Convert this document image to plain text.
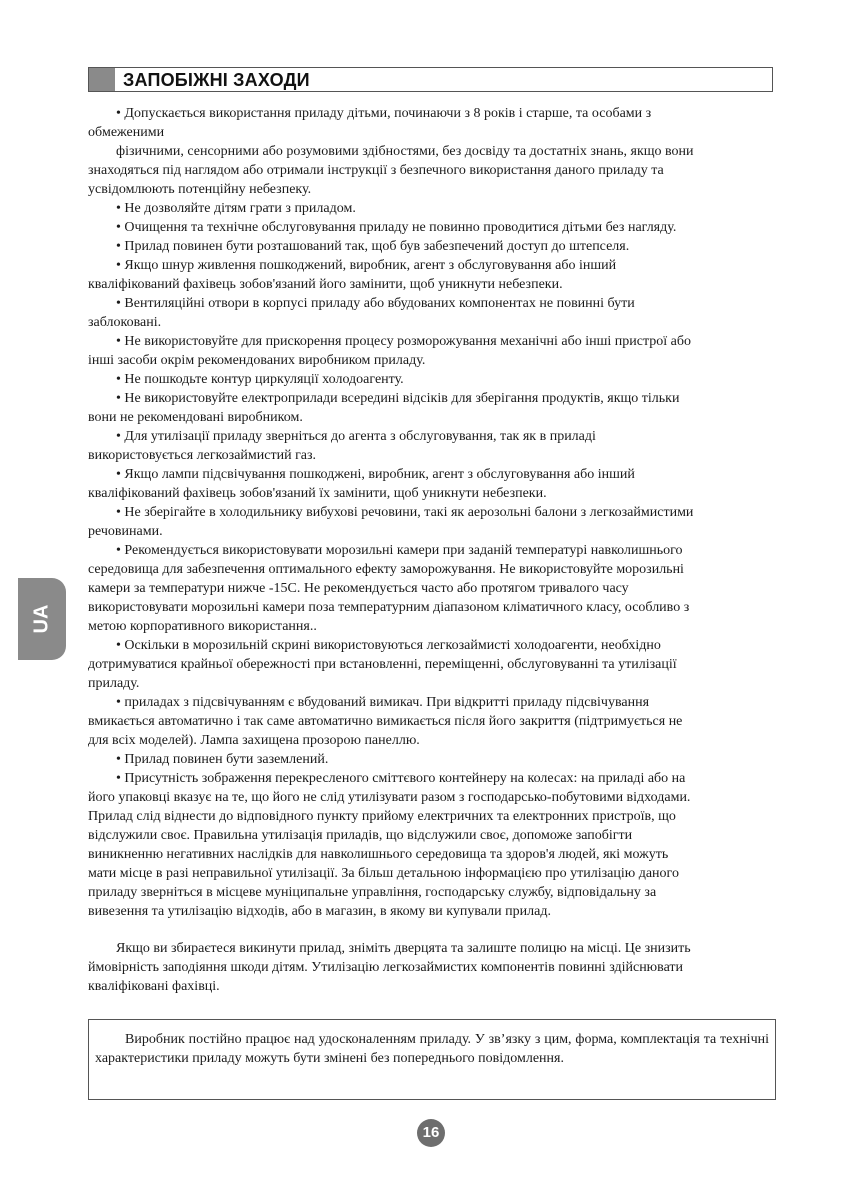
ЗАПОБІЖНІ ЗАХОДИ
UA

• Допускається використання приладу дітьми, починаючи з 8 років і старше, та особами з

обмеженими

фізичними, сенсорними або розумовими здібностями, без досвіду та достатніх знань, якщо вони

знаходяться під наглядом або отримали інструкції з безпечного використання даного приладу та

усвідомлюють потенційну небезпеку.

• Не дозволяйте дітям грати з приладом.

• Очищення та технічне обслуговування приладу не повинно проводитися дітьми без нагляду.

• Прилад повинен бути розташований так, щоб був забезпечений доступ до штепселя.

• Якщо шнур живлення пошкоджений, виробник, агент з обслуговування або інший

кваліфікований фахівець зобов'язаний його замінити, щоб уникнути небезпеки.

• Вентиляційні отвори в корпусі приладу або вбудованих компонентах не повинні бути

заблоковані.

• Не використовуйте для прискорення процесу розморожування механічні або інші пристрої або

інші засоби окрім рекомендованих виробником приладу.

• Не пошкодьте контур циркуляції холодоагенту.

• Не використовуйте електроприлади всередині відсіків для зберігання продуктів, якщо тільки

вони не рекомендовані виробником.

• Для утилізації приладу зверніться до агента з обслуговування, так як в приладі

використовується легкозаймистий газ.

• Якщо лампи підсвічування пошкоджені, виробник, агент з обслуговування або інший

кваліфікований фахівець зобов'язаний їх замінити, щоб уникнути небезпеки.

• Не зберігайте в холодильнику вибухові речовини, такі як аерозольні балони з легкозаймистими

речовинами.

• Рекомендується використовувати морозильні камери при заданій температурі навколишнього

середовища для забезпечення оптимального ефекту заморожування. Не використовуйте морозильні

камери за температури нижче -15С. Не рекомендується часто або протягом тривалого часу

використовувати морозильні камери поза температурним діапазоном кліматичного класу, особливо з

метою корпоративного використання..

• Оскільки в морозильній скрині використовуються легкозаймисті холодоагенти, необхідно

дотримуватися крайньої обережності при встановленні, переміщенні, обслуговуванні та утилізації

приладу.

• приладах з підсвічуванням є вбудований вимикач. При відкритті приладу підсвічування

вмикається автоматично і так саме автоматично вимикається після його закриття (підтримується не

для всіх моделей). Лампа захищена прозорою панеллю.

• Прилад повинен бути заземлений.

• Присутність зображення перекресленого сміттєвого контейнеру на колесах: на приладі або на

його упаковці вказує на те, що його не слід утилізувати разом з господарсько-побутовими відходами.

Прилад слід віднести до відповідного пункту прийому електричних та електронних пристроїв, що

відслужили своє. Правильна утилізація приладів, що відслужили своє, допоможе запобігти

виникненню негативних наслідків для навколишнього середовища та здоров'я людей, які можуть

мати місце в разі неправильної утилізації. За більш детальною інформацією про утилізацію даного

приладу зверніться в місцеве муніципальне управління, господарську службу, відповідальну за

вивезення та утилізацію відходів, або в магазин, в якому ви купували прилад.

Якщо ви збираєтеся викинути прилад, зніміть дверцята та залиште полицю на місці. Це знизить

ймовірність заподіяння шкоди дітям. Утилізацію легкозаймистих компонентів повинні здійснювати

кваліфіковані фахівці.

Виробник постійно працює над удосконаленням приладу. У зв’язку з цим, форма, комплектація та технічні характеристики приладу можуть бути змінені без попереднього повідомлення.
16
